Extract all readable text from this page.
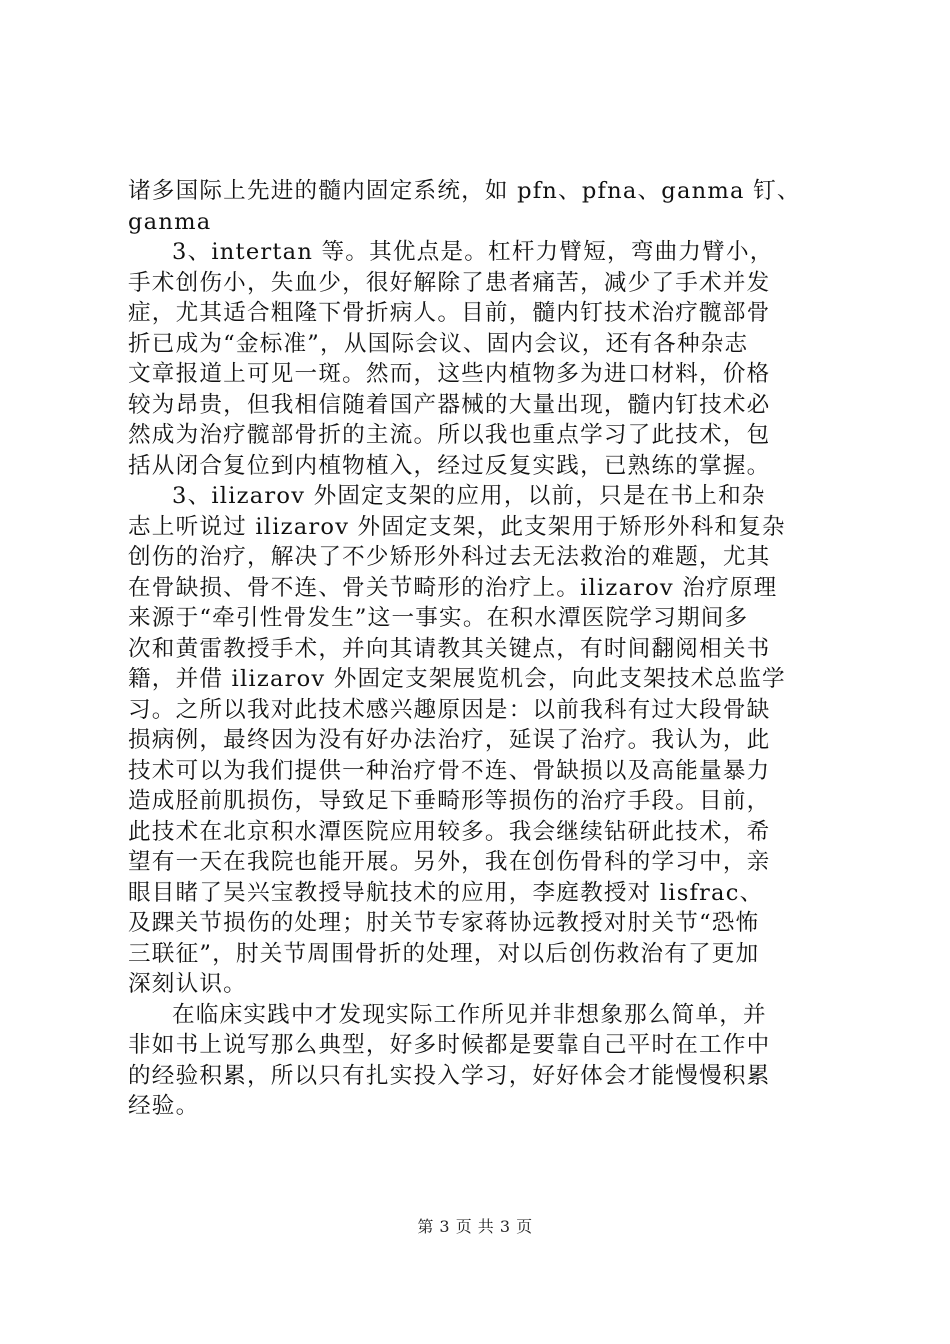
诸多国际上先进的髓内固定系统，如 pfn、pfna、ganma 钉、
ganma
3、intertan 等。其优点是。杠杆力臂短，弯曲力臂小，
手术创伤小，失血少，很好解除了患者痛苦，减少了手术并发
症，尤其适合粗隆下骨折病人。目前，髓内钉技术治疗髋部骨
折已成为“金标准”，从国际会议、固内会议，还有各种杂志
文章报道上可见一斑。然而，这些内植物多为进口材料，价格
较为昂贵，但我相信随着国产器械的大量出现，髓内钉技术必
然成为治疗髋部骨折的主流。所以我也重点学习了此技术，包
括从闭合复位到内植物植入，经过反复实践，已熟练的掌握。
3、ilizarov 外固定支架的应用，以前，只是在书上和杂
志上听说过 ilizarov 外固定支架，此支架用于矫形外科和复杂
创伤的治疗，解决了不少矫形外科过去无法救治的难题，尤其
在骨缺损、骨不连、骨关节畸形的治疗上。ilizarov 治疗原理
来源于“牵引性骨发生”这一事实。在积水潭医院学习期间多
次和黄雷教授手术，并向其请教其关键点，有时间翻阅相关书
籍，并借 ilizarov 外固定支架展览机会，向此支架技术总监学
习。之所以我对此技术感兴趣原因是：以前我科有过大段骨缺
损病例，最终因为没有好办法治疗，延误了治疗。我认为，此
技术可以为我们提供一种治疗骨不连、骨缺损以及高能量暴力
造成胫前肌损伤，导致足下垂畸形等损伤的治疗手段。目前，
此技术在北京积水潭医院应用较多。我会继续钻研此技术，希
望有一天在我院也能开展。另外，我在创伤骨科的学习中，亲
眼目睹了吴兴宝教授导航技术的应用，李庭教授对 lisfrac、
及踝关节损伤的处理；肘关节专家蒋协远教授对肘关节“恐怖
三联征”，肘关节周围骨折的处理，对以后创伤救治有了更加
深刻认识。
在临床实践中才发现实际工作所见并非想象那么简单，并
非如书上说写那么典型，好多时候都是要靠自己平时在工作中
的经验积累，所以只有扎实投入学习，好好体会才能慢慢积累
经验。
第 3 页 共 3 页
